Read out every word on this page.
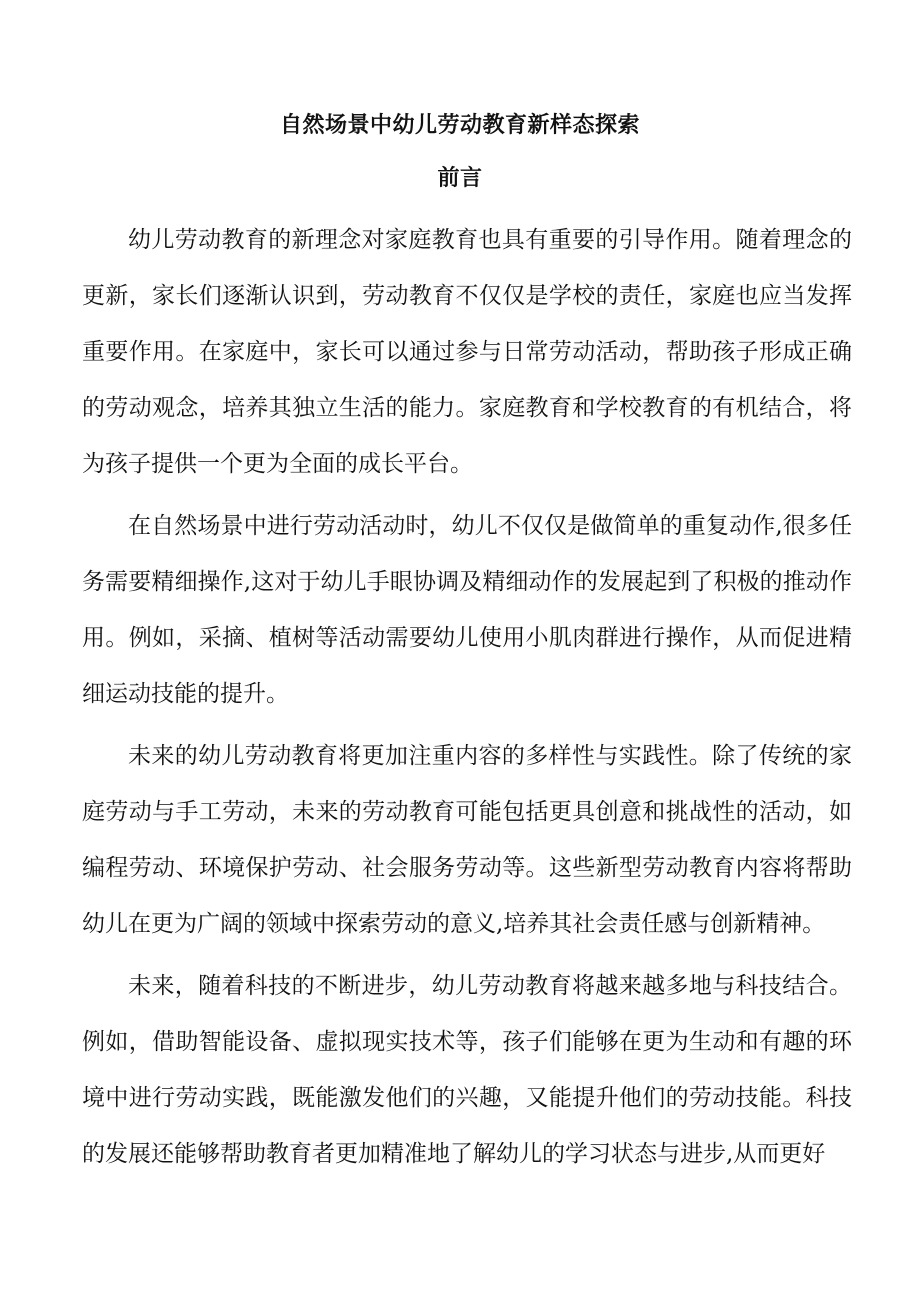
自然场景中幼儿劳动教育新样态探索
前言

幼儿劳动教育的新理念对家庭教育也具有重要的引导作用。随着理念的更新，家长们逐渐认识到，劳动教育不仅仅是学校的责任，家庭也应当发挥重要作用。在家庭中，家长可以通过参与日常劳动活动，帮助孩子形成正确的劳动观念，培养其独立生活的能力。家庭教育和学校教育的有机结合，将为孩子提供一个更为全面的成长平台。

在自然场景中进行劳动活动时，幼儿不仅仅是做简单的重复动作,很多任务需要精细操作,这对于幼儿手眼协调及精细动作的发展起到了积极的推动作用。例如，采摘、植树等活动需要幼儿使用小肌肉群进行操作，从而促进精细运动技能的提升。

未来的幼儿劳动教育将更加注重内容的多样性与实践性。除了传统的家庭劳动与手工劳动，未来的劳动教育可能包括更具创意和挑战性的活动，如编程劳动、环境保护劳动、社会服务劳动等。这些新型劳动教育内容将帮助幼儿在更为广阔的领域中探索劳动的意义,培养其社会责任感与创新精神。

未来，随着科技的不断进步，幼儿劳动教育将越来越多地与科技结合。例如，借助智能设备、虚拟现实技术等，孩子们能够在更为生动和有趣的环境中进行劳动实践，既能激发他们的兴趣，又能提升他们的劳动技能。科技的发展还能够帮助教育者更加精准地了解幼儿的学习状态与进步,从而更好
